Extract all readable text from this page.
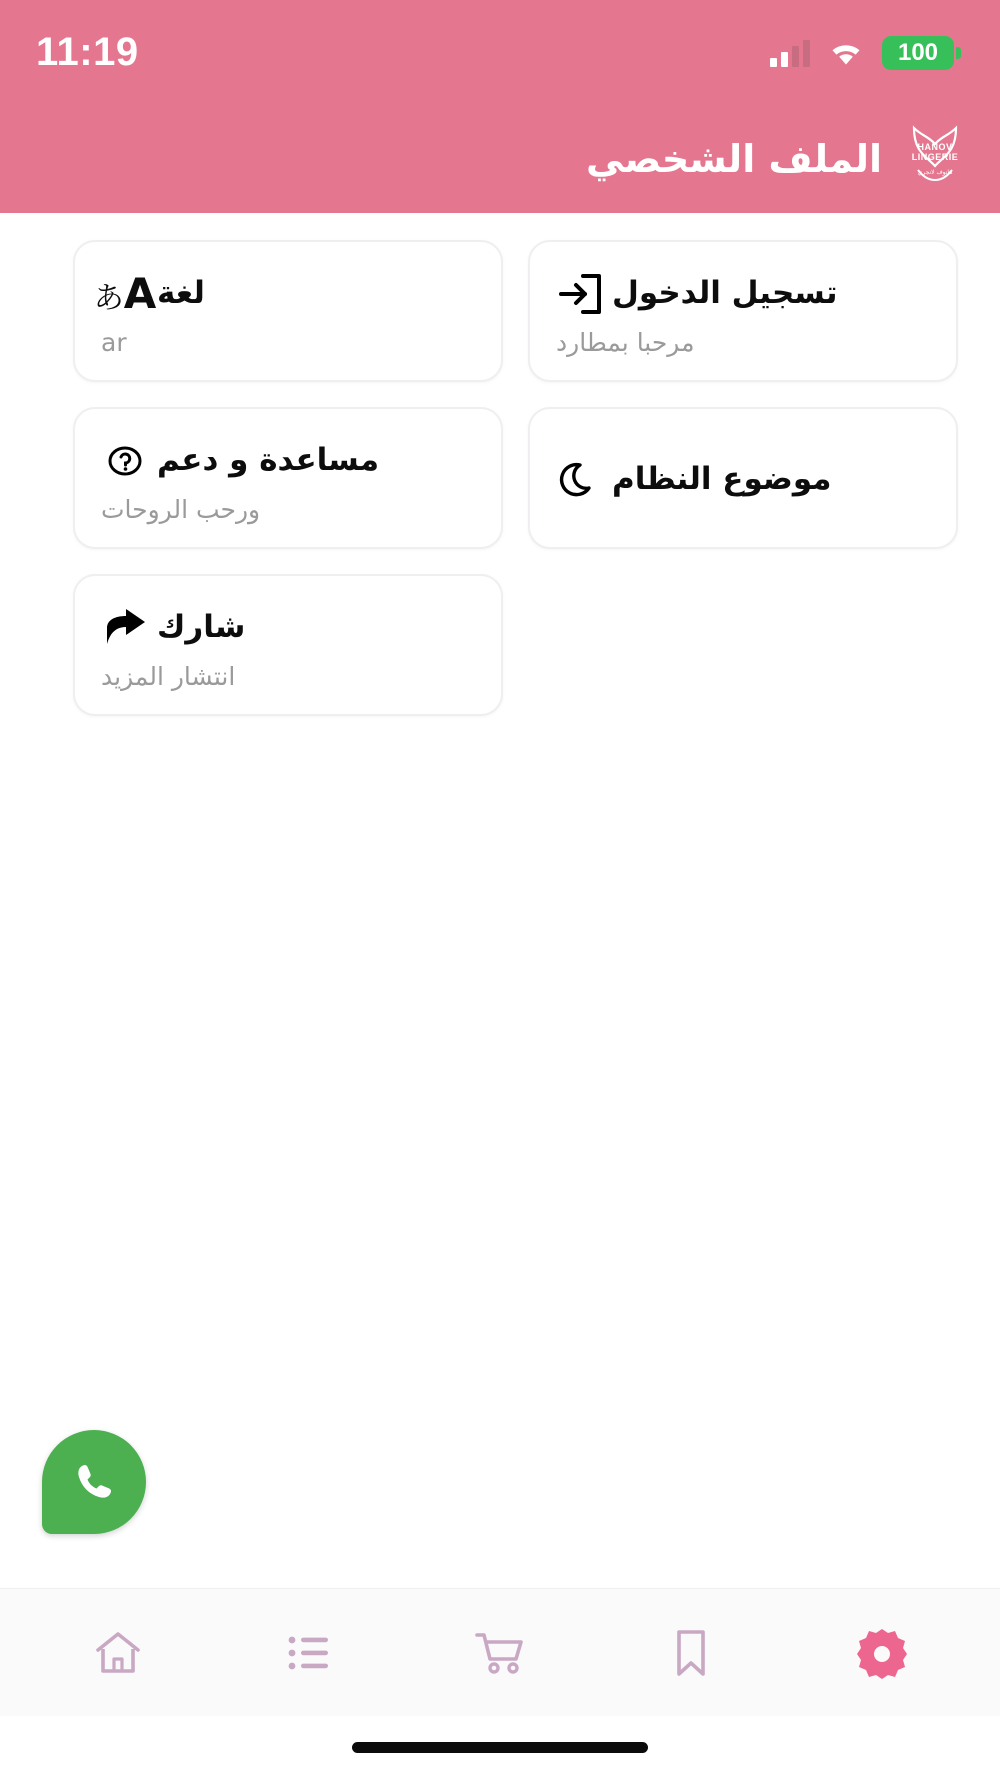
11:19	100
HANOV
LINGERIE
هانوف لانجري
الملف الشخصي
تسجيل الدخول
مرحبا بمطارد
A
あ لغة
ar
موضوع النظام
مساعدة و دعم
ورحب الروحات
شارك
انتشار المزيد
